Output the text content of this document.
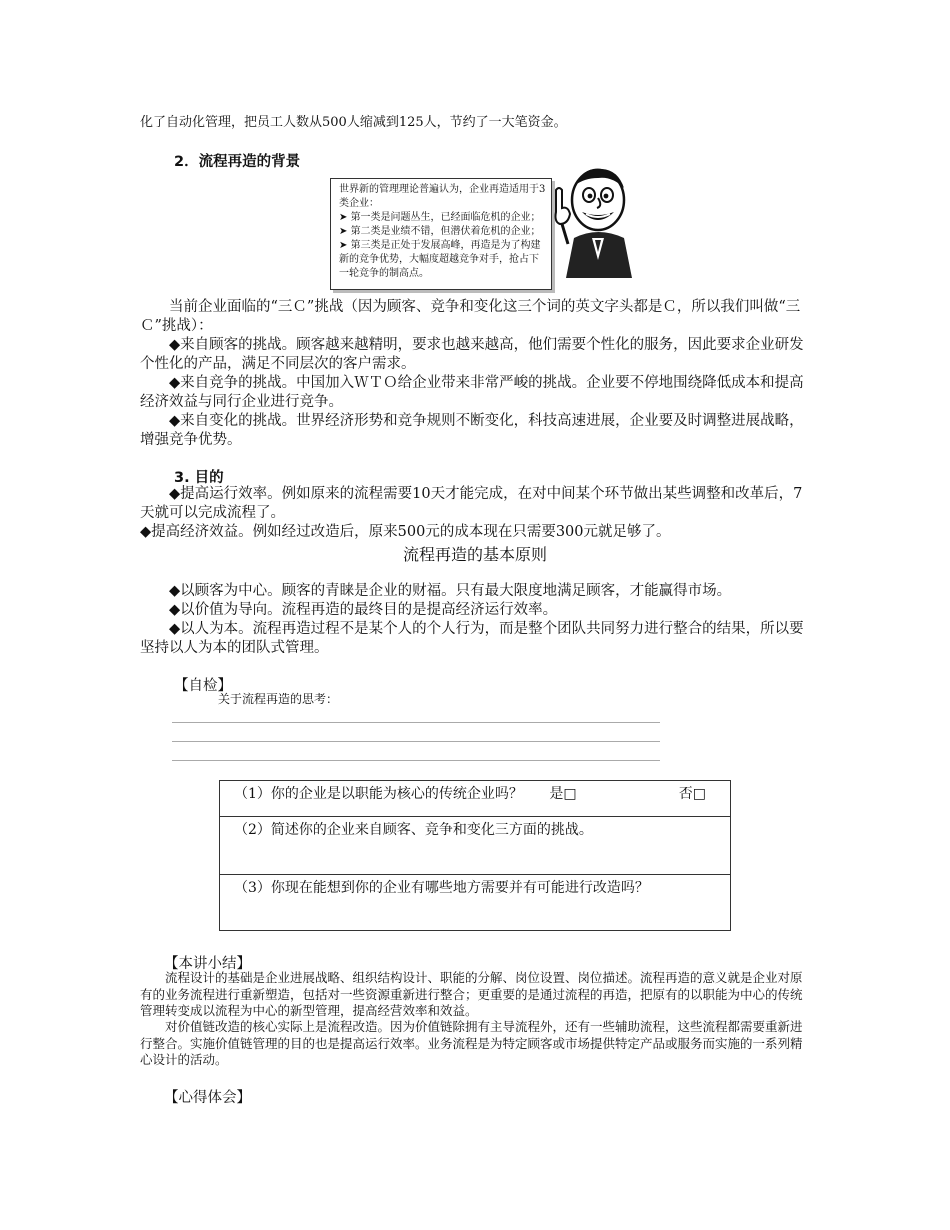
化了自动化管理，把员工人数从500人缩减到125人，节约了一大笔资金。
2．流程再造的背景
世界新的管理理论普遍认为，企业再造适用于3类企业：
➤ 第一类是问题丛生，已经面临危机的企业；
➤ 第二类是业绩不错，但潜伏着危机的企业；
➤ 第三类是正处于发展高峰，再造是为了构建新的竞争优势，大幅度超越竞争对手，抢占下一轮竞争的制高点。
当前企业面临的“三Ｃ”挑战（因为顾客、竞争和变化这三个词的英文字头都是Ｃ，所以我们叫做“三Ｃ”挑战）：
◆来自顾客的挑战。顾客越来越精明，要求也越来越高，他们需要个性化的服务，因此要求企业研发个性化的产品，满足不同层次的客户需求。
◆来自竞争的挑战。中国加入ＷＴＯ给企业带来非常严峻的挑战。企业要不停地围绕降低成本和提高经济效益与同行企业进行竞争。
◆来自变化的挑战。世界经济形势和竞争规则不断变化，科技高速进展，企业要及时调整进展战略，增强竞争优势。
3. 目的
◆提高运行效率。例如原来的流程需要10天才能完成，在对中间某个环节做出某些调整和改革后，7天就可以完成流程了。
◆提高经济效益。例如经过改造后，原来500元的成本现在只需要300元就足够了。
流程再造的基本原则
◆以顾客为中心。顾客的青睐是企业的财福。只有最大限度地满足顾客，才能赢得市场。
◆以价值为导向。流程再造的最终目的是提高经济运行效率。
◆以人为本。流程再造过程不是某个人的个人行为，而是整个团队共同努力进行整合的结果，所以要坚持以人为本的团队式管理。
【自检】
关于流程再造的思考：
（1）你的企业是以职能为核心的传统企业吗？ 是□	否□

（2）简述你的企业来自顾客、竞争和变化三方面的挑战。
（3）你现在能想到你的企业有哪些地方需要并有可能进行改造吗？
【本讲小结】
流程设计的基础是企业进展战略、组织结构设计、职能的分解、岗位设置、岗位描述。流程再造的意义就是企业对原有的业务流程进行重新塑造，包括对一些资源重新进行整合；更重要的是通过流程的再造，把原有的以职能为中心的传统管理转变成以流程为中心的新型管理，提高经营效率和效益。
对价值链改造的核心实际上是流程改造。因为价值链除拥有主导流程外，还有一些辅助流程，这些流程都需要重新进行整合。实施价值链管理的目的也是提高运行效率。业务流程是为特定顾客或市场提供特定产品或服务而实施的一系列精心设计的活动。
【心得体会】
